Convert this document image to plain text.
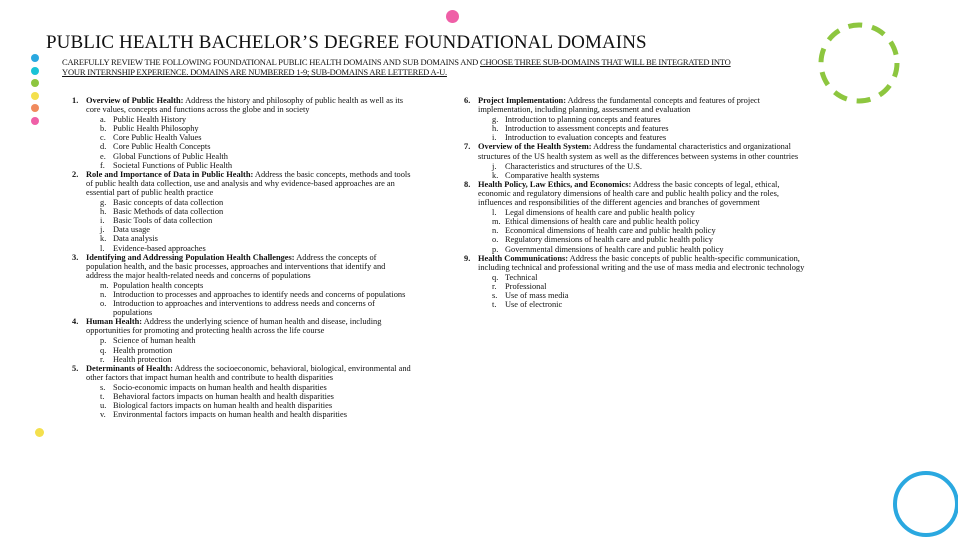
PUBLIC HEALTH BACHELOR’S DEGREE FOUNDATIONAL DOMAINS
CAREFULLY REVIEW THE FOLLOWING FOUNDATIONAL PUBLIC HEALTH DOMAINS AND SUB DOMAINS AND CHOOSE THREE SUB-DOMAINS THAT WILL BE INTEGRATED INTO YOUR INTERNSHIP EXPERIENCE. DOMAINS ARE NUMBERED 1-9; SUB-DOMAINS ARE LETTERED A-U.
1. Overview of Public Health: Address the history and philosophy of public health as well as its core values, concepts and functions across the globe and in society
a. Public Health History
b. Public Health Philosophy
c. Core Public Health Values
d. Core Public Health Concepts
e. Global Functions of Public Health
f. Societal Functions of Public Health
2. Role and Importance of Data in Public Health: Address the basic concepts, methods and tools of public health data collection, use and analysis and why evidence-based approaches are an essential part of public health practice
g. Basic concepts of data collection
h. Basic Methods of data collection
i.	Basic Tools of data collection
j.	Data usage
k. Data analysis
l.	Evidence-based approaches
3. Identifying and Addressing Population Health Challenges: Address the concepts of population health, and the basic processes, approaches and interventions that identify and address the major health-related needs and concerns of populations
m. Population health concepts
n. Introduction to processes and approaches to identify needs and concerns of populations
o. Introduction to approaches and interventions to address needs and concerns of populations
4. Human Health: Address the underlying science of human health and disease, including opportunities for promoting and protecting health across the life course
p. Science of human health
q. Health promotion
r.	Health protection
5. Determinants of Health: Address the socioeconomic, behavioral, biological, environmental and other factors that impact human health and contribute to health disparities
s. Socio-economic impacts on human health and health disparities
t.	Behavioral factors impacts on human health and health disparities
u. Biological factors impacts on human health and health disparities
v. Environmental factors impacts on human health and health disparities
6. Project Implementation: Address the fundamental concepts and features of project implementation, including planning, assessment and evaluation
g. Introduction to planning concepts and features
h. Introduction to assessment concepts and features
i.	Introduction to evaluation concepts and features
7. Overview of the Health System: Address the fundamental characteristics and organizational structures of the US health system as well as the differences between systems in other countries
j.	Characteristics and structures of the U.S.
k. Comparative health systems
8. Health Policy, Law Ethics, and Economics: Address the basic concepts of legal, ethical, economic and regulatory dimensions of health care and public health policy and the roles, influences and responsibilities of the different agencies and branches of government
l.	Legal dimensions of health care and public health policy
m. Ethical dimensions of health care and public health policy
n. Economical dimensions of health care and public health policy
o. Regulatory dimensions of health care and public health policy
p. Governmental dimensions of health care and public health policy
9. Health Communications: Address the basic concepts of public health-specific communication, including technical and professional writing and the use of mass media and electronic technology
q. Technical
r.	Professional
s. Use of mass media
t.	Use of electronic
